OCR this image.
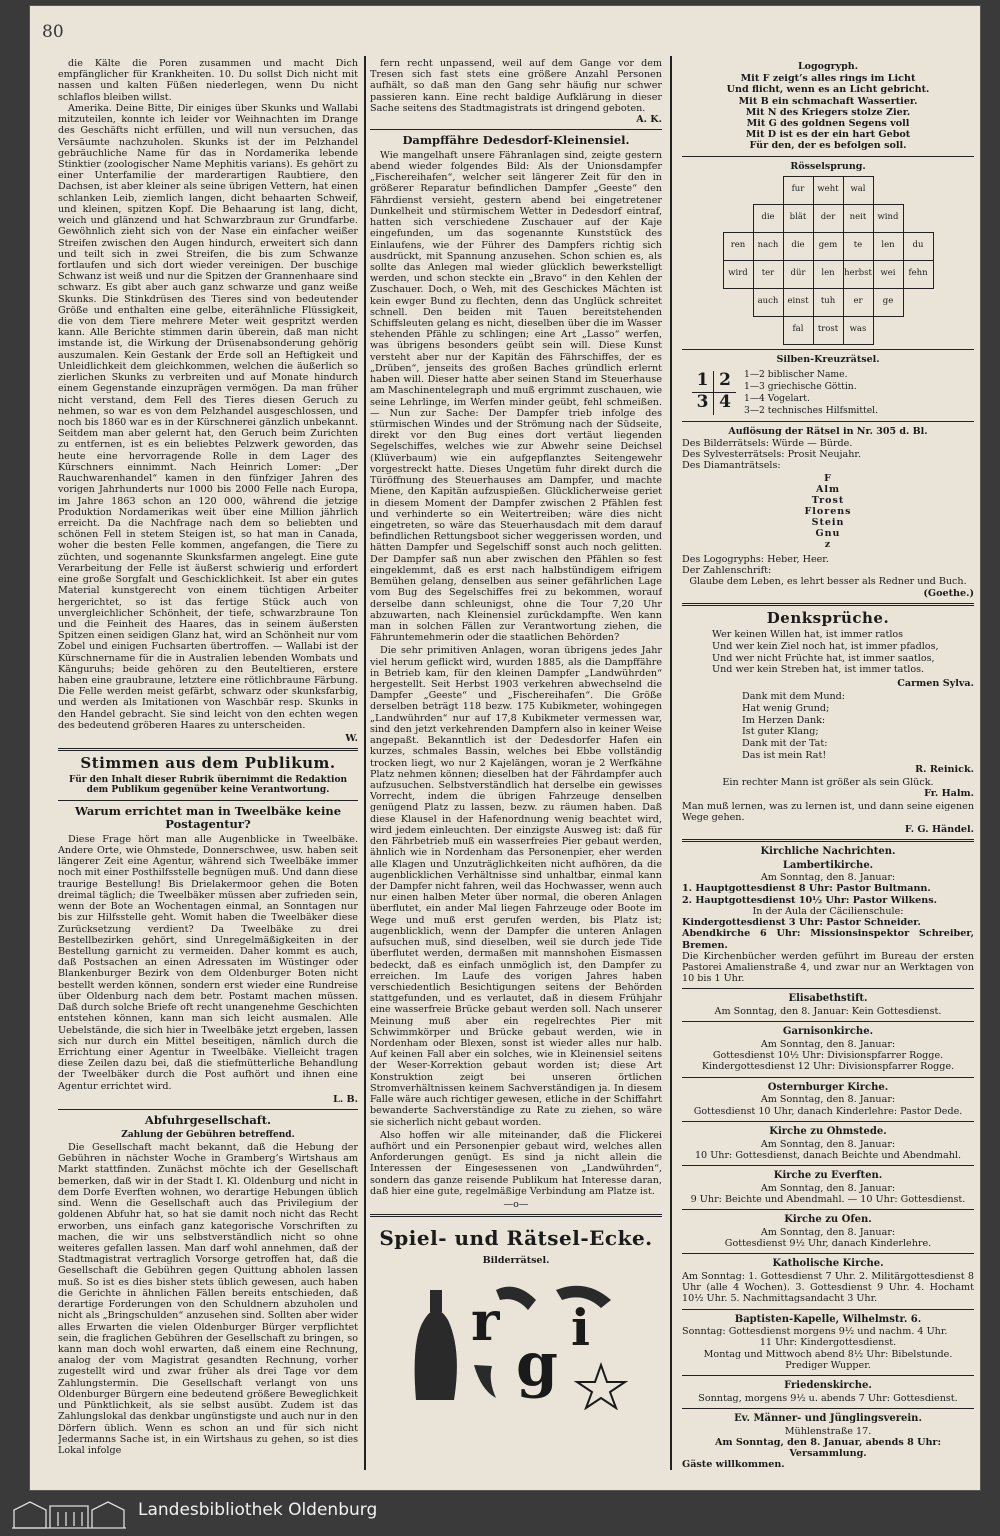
80

die Kälte die Poren zusammen und macht Dich empfänglicher für Krankheiten. 10. Du sollst Dich nicht mit nassen und kalten Füßen niederlegen, wenn Du nicht schlaflos bleiben willst.

Amerika. Deine Bitte, Dir einiges über Skunks und Wallabi mitzuteilen, konnte ich leider vor Weihnachten im Drange des Geschäfts nicht erfüllen, und will nun versuchen, das Versäumte nachzuholen. Skunks ist der im Pelzhandel gebräuchliche Name für das in Nordamerika lebende Stinktier (zoologischer Name Mephitis varians). Es gehört zu einer Unterfamilie der marderartigen Raubtiere, den Dachsen, ist aber kleiner als seine übrigen Vettern, hat einen schlanken Leib, ziemlich langen, dicht behaarten Schweif, und kleinen, spitzen Kopf. Die Behaarung ist lang, dicht, weich und glänzend und hat Schwarzbraun zur Grundfarbe. Gewöhnlich zieht sich von der Nase ein einfacher weißer Streifen zwischen den Augen hindurch, erweitert sich dann und teilt sich in zwei Streifen, die bis zum Schwanze fortlaufen und sich dort wieder vereinigen. Der buschige Schwanz ist weiß und nur die Spitzen der Grannenhaare sind schwarz. Es gibt aber auch ganz schwarze und ganz weiße Skunks. Die Stinkdrüsen des Tieres sind von bedeutender Größe und enthalten eine gelbe, eiterähnliche Flüssigkeit, die von dem Tiere mehrere Meter weit gespritzt werden kann. Alle Berichte stimmen darin überein, daß man nicht imstande ist, die Wirkung der Drüsenabsonderung gehörig auszumalen. Kein Gestank der Erde soll an Heftigkeit und Unleidlichkeit dem gleichkommen, welchen die äußerlich so zierlichen Skunks zu verbreiten und auf Monate hindurch einem Gegenstande einzuprägen vermögen. Da man früher nicht verstand, dem Fell des Tieres diesen Geruch zu nehmen, so war es von dem Pelzhandel ausgeschlossen, und noch bis 1860 war es in der Kürschnerei gänzlich unbekannt. Seitdem man aber gelernt hat, den Geruch beim Zurichten zu entfernen, ist es ein beliebtes Pelzwerk geworden, das heute eine hervorragende Rolle in dem Lager des Kürschners einnimmt. Nach Heinrich Lomer: „Der Rauchwarenhandel“ kamen in den fünfziger Jahren des vorigen Jahrhunderts nur 1000 bis 2000 Felle nach Europa, im Jahre 1863 schon an 120 000, während die jetzige Produktion Nordamerikas weit über eine Million jährlich erreicht. Da die Nachfrage nach dem so beliebten und schönen Fell in stetem Steigen ist, so hat man in Canada, woher die besten Felle kommen, angefangen, die Tiere zu züchten, und sogenannte Skunksfarmen angelegt. Eine gute Verarbeitung der Felle ist äußerst schwierig und erfordert eine große Sorgfalt und Geschicklichkeit. Ist aber ein gutes Material kunstgerecht von einem tüchtigen Arbeiter hergerichtet, so ist das fertige Stück auch von unvergleichlicher Schönheit, der tiefe, schwarzbraune Ton und die Feinheit des Haares, das in seinem äußersten Spitzen einen seidigen Glanz hat, wird an Schönheit nur vom Zobel und einigen Fuchsarten übertroffen. — Wallabi ist der Kürschnername für die in Australien lebenden Wombats und Känguruhs; beide gehören zu den Beuteltieren, erstere haben eine graubraune, letztere eine rötlichbraune Färbung. Die Felle werden meist gefärbt, schwarz oder skunksfarbig, und werden als Imitationen von Waschbär resp. Skunks in den Handel gebracht. Sie sind leicht von den echten wegen des bedeutend gröberen Haares zu unterscheiden.

W.

Stimmen aus dem Publikum.
Für den Inhalt dieser Rubrik übernimmt die Redaktion dem Publikum gegenüber keine Verantwortung.
Warum errichtet man in Tweelbäke keine Postagentur?

Diese Frage hört man alle Augenblicke in Tweelbäke. Andere Orte, wie Ohmstede, Donnerschwee, usw. haben seit längerer Zeit eine Agentur, während sich Tweelbäke immer noch mit einer Posthilfsstelle begnügen muß. Und dann diese traurige Bestellung! Bis Drielakermoor gehen die Boten dreimal täglich; die Tweelbäker müssen aber zufrieden sein, wenn der Bote an Wochentagen einmal, an Sonntagen nur bis zur Hilfsstelle geht. Womit haben die Tweelbäker diese Zurücksetzung verdient? Da Tweelbäke zu drei Bestellbezirken gehört, sind Unregelmäßigkeiten in der Bestellung garnicht zu vermeiden. Daher kommt es auch, daß Postsachen an einen Adressaten im Wüstinger oder Blankenburger Bezirk von dem Oldenburger Boten nicht bestellt werden können, sondern erst wieder eine Rundreise über Oldenburg nach dem betr. Postamt machen müssen. Daß durch solche Briefe oft recht unangenehme Geschichten entstehen können, kann man sich leicht ausmalen. Alle Uebelstände, die sich hier in Tweelbäke jetzt ergeben, lassen sich nur durch ein Mittel beseitigen, nämlich durch die Errichtung einer Agentur in Tweelbäke. Vielleicht tragen diese Zeilen dazu bei, daß die stiefmütterliche Behandlung der Tweelbäker durch die Post aufhört und ihnen eine Agentur errichtet wird.

L. B.

Abfuhrgesellschaft.
Zahlung der Gebühren betreffend.

Die Gesellschaft macht bekannt, daß die Hebung der Gebühren in nächster Woche in Gramberg’s Wirtshaus am Markt stattfinden. Zunächst möchte ich der Gesellschaft bemerken, daß wir in der Stadt I. Kl. Oldenburg und nicht in dem Dorfe Everften wohnen, wo derartige Hebungen üblich sind. Wenn die Gesellschaft auch das Privilegium der goldenen Abfuhr hat, so hat sie damit noch nicht das Recht erworben, uns einfach ganz kategorische Vorschriften zu machen, die wir uns selbstverständlich nicht so ohne weiteres gefallen lassen. Man darf wohl annehmen, daß der Stadtmagistrat vertraglich Vorsorge getroffen hat, daß die Gesellschaft die Gebühren gegen Quittung abholen lassen muß. So ist es dies bisher stets üblich gewesen, auch haben die Gerichte in ähnlichen Fällen bereits entschieden, daß derartige Forderungen von den Schuldnern abzuholen und nicht als „Bringschulden“ anzusehen sind. Sollten aber wider alles Erwarten die vielen Oldenburger Bürger verpflichtet sein, die fraglichen Gebühren der Gesellschaft zu bringen, so kann man doch wohl erwarten, daß einem eine Rechnung, analog der vom Magistrat gesandten Rechnung, vorher zugestellt wird und zwar früher als drei Tage vor dem Zahlungstermin. Die Gesellschaft verlangt von uns Oldenburger Bürgern eine bedeutend größere Beweglichkeit und Pünktlichkeit, als sie selbst ausübt. Zudem ist das Zahlungslokal das denkbar ungünstigste und auch nur in den Dörfern üblich. Wenn es schon an und für sich nicht Jedermanns Sache ist, in ein Wirtshaus zu gehen, so ist dies Lokal infolge

fern recht unpassend, weil auf dem Gange vor dem Tresen sich fast stets eine größere Anzahl Personen aufhält, so daß man den Gang sehr häufig nur schwer passieren kann. Eine recht baldige Aufklärung in dieser Sache seitens des Stadtmagistrats ist dringend geboten.

A. K.

Dampffähre Dedesdorf-Kleinensiel.

Wie mangelhaft unsere Fähranlagen sind, zeigte gestern abend wieder folgendes Bild: Als der Unionsdampfer „Fischereihafen“, welcher seit längerer Zeit für den in größerer Reparatur befindlichen Dampfer „Geeste“ den Fährdienst versieht, gestern abend bei eingetretener Dunkelheit und stürmischem Wetter in Dedesdorf eintraf, hatten sich verschiedene Zuschauer auf der Kaje eingefunden, um das sogenannte Kunststück des Einlaufens, wie der Führer des Dampfers richtig sich ausdrückt, mit Spannung anzusehen. Schon schien es, als sollte das Anlegen mal wieder glücklich bewerkstelligt werden, und schon steckte ein „Bravo“ in den Kehlen der Zuschauer. Doch, o Weh, mit des Geschickes Mächten ist kein ewger Bund zu flechten, denn das Unglück schreitet schnell. Den beiden mit Tauen bereitstehenden Schiffsleuten gelang es nicht, dieselben über die im Wasser stehenden Pfähle zu schlingen; eine Art „Lasso“ werfen, was übrigens besonders geübt sein will. Diese Kunst versteht aber nur der Kapitän des Fährschiffes, der es „Drüben“, jenseits des großen Baches gründlich erlernt haben will. Dieser hatte aber seinen Stand im Steuerhause am Maschinentelegraph und muß ergrimmt zuschauen, wie seine Lehrlinge, im Werfen minder geübt, fehl schmeißen. — Nun zur Sache: Der Dampfer trieb infolge des stürmischen Windes und der Strömung nach der Südseite, direkt vor den Bug eines dort vertäut liegenden Segelschiffes, welches wie zur Abwehr seine Deichsel (Klüverbaum) wie ein aufgepflanztes Seitengewehr vorgestreckt hatte. Dieses Ungetüm fuhr direkt durch die Türöffnung des Steuerhauses am Dampfer, und machte Miene, den Kapitän aufzuspießen. Glücklicherweise geriet in diesem Moment der Dampfer zwischen 2 Pfählen fest und verhinderte so ein Weitertreiben; wäre dies nicht eingetreten, so wäre das Steuerhausdach mit dem darauf befindlichen Rettungsboot sicher weggerissen worden, und hätten Dampfer und Segelschiff sonst auch noch gelitten. Der Dampfer saß nun aber zwischen den Pfählen so fest eingeklemmt, daß es erst nach halbstündigem eifrigem Bemühen gelang, denselben aus seiner gefährlichen Lage vom Bug des Segelschiffes frei zu bekommen, worauf derselbe dann schleunigst, ohne die Tour 7,20 Uhr abzuwarten, nach Kleinensiel zurückdampfte. Wen kann man in solchen Fällen zur Verantwortung ziehen, die Fähruntemehmerin oder die staatlichen Behörden?

Die sehr primitiven Anlagen, woran übrigens jedes Jahr viel herum geflickt wird, wurden 1885, als die Dampffähre in Betrieb kam, für den kleinen Dampfer „Landwührden“ hergestellt. Seit Herbst 1903 verkehren abwechselnd die Dampfer „Geeste“ und „Fischereihafen“. Die Größe derselben beträgt 118 bezw. 175 Kubikmeter, wohingegen „Landwührden“ nur auf 17,8 Kubikmeter vermessen war, sind den jetzt verkehrenden Dampfern also in keiner Weise angepaßt. Bekanntlich ist der Dedesdorfer Hafen ein kurzes, schmales Bassin, welches bei Ebbe vollständig trocken liegt, wo nur 2 Kajelängen, woran je 2 Werfkähne Platz nehmen können; dieselben hat der Fährdampfer auch aufzusuchen. Selbstverständlich hat derselbe ein gewisses Vorrecht, indem die übrigen Fahrzeuge denselben genügend Platz zu lassen, bezw. zu räumen haben. Daß diese Klausel in der Hafenordnung wenig beachtet wird, wird jedem einleuchten. Der einzigste Ausweg ist: daß für den Fährbetrieb muß ein wasserfreies Pier gebaut werden, ähnlich wie in Nordenham das Personenpier, eher werden alle Klagen und Unzuträglichkeiten nicht aufhören, da die augenblicklichen Verhältnisse sind unhaltbar, einmal kann der Dampfer nicht fahren, weil das Hochwasser, wenn auch nur einen halben Meter über normal, die oberen Anlagen überflutet, ein ander Mal liegen Fahrzeuge oder Boote im Wege und muß erst gerufen werden, bis Platz ist; augenblicklich, wenn der Dampfer die unteren Anlagen aufsuchen muß, sind dieselben, weil sie durch jede Tide überflutet werden, dermaßen mit mannshohen Eismassen bedeckt, daß es einfach unmöglich ist, den Dampfer zu erreichen. Im Laufe des vorigen Jahres haben verschiedentlich Besichtigungen seitens der Behörden stattgefunden, und es verlautet, daß in diesem Frühjahr eine wasserfreie Brücke gebaut werden soll. Nach unserer Meinung muß aber ein regelrechtes Pier mit Schwimmkörper und Brücke gebaut werden, wie in Nordenham oder Blexen, sonst ist wieder alles nur halb. Auf keinen Fall aber ein solches, wie in Kleinensiel seitens der Weser-Korrektion gebaut worden ist; diese Art Konstruktion zeigt bei unseren örtlichen Stromverhältnissen keinem Sachverständigen ja. In diesem Falle wäre auch richtiger gewesen, etliche in der Schiffahrt bewanderte Sachverständige zu Rate zu ziehen, so wäre sie sicherlich nicht gebaut worden.

Also hoffen wir alle miteinander, daß die Flickerei aufhört und ein Personenpier gebaut wird, welches allen Anforderungen genügt. Es sind ja nicht allein die Interessen der Eingesessenen von „Landwührden“, sondern das ganze reisende Publikum hat Interesse daran, daß hier eine gute, regelmäßige Verbindung am Platze ist.

—o—
Spiel- und Rätsel-Ecke.
Bilderrätsel.
r
g
i
Logogryph.
Mit F zeigt’s alles rings im Licht
Und flicht, wenn es an Licht gebricht.
Mit B ein schmachaft Wassertier.
Mit N des Kriegers stolze Zier.
Mit G des goldnen Segens voll
Mit D ist es der ein hart Gebot
Für den, der es befolgen soll.
Rösselsprung.
		fur	weht	wal		
	die	blät	der	neit	wind	
ren	nach	die	gem	te	len	du
wird	ter	dür	len	herbst	wei	fehn
	auch	einst	tuh	er	ge	
		fal	trost	was		
Silben-Kreuzrätsel.
1 2
3 4
1—2 biblischer Name.
1—3 griechische Göttin.
1—4 Vogelart.
3—2 technisches Hilfsmittel.
Auflösung der Rätsel in Nr. 305 d. Bl.
Des Bilderrätsels: Würde — Bürde.
Des Sylvesterrätsels: Prosit Neujahr.
Des Diamanträtsels:
F
Alm
Trost
Florens
Stein
Gnu
z
Des Logogryphs: Heber, Heer.
Der Zahlenschrift:
Glaube dem Leben, es lehrt besser als Redner und Buch.
(Goethe.)
Denksprüche.
Wer keinen Willen hat, ist immer ratlos
Und wer kein Ziel noch hat, ist immer pfadlos,
Und wer nicht Früchte hat, ist immer saatlos,
Und wer kein Streben hat, ist immer tatlos.
Carmen Sylva.
Dank mit dem Mund:
Hat wenig Grund;
Im Herzen Dank:
Ist guter Klang;
Dank mit der Tat:
Das ist mein Rat!
R. Reinick.
Ein rechter Mann ist größer als sein Glück.
Fr. Halm.
Man muß lernen, was zu lernen ist, und dann seine eigenen Wege gehen.
F. G. Händel.
Kirchliche Nachrichten.
Lambertikirche.
Am Sonntag, den 8. Januar:
1. Hauptgottesdienst 8 Uhr: Pastor Bultmann.
2. Hauptgottesdienst 10½ Uhr: Pastor Wilkens.
In der Aula der Cäcilienschule:
Kindergottesdienst 3 Uhr: Pastor Schneider.
Abendkirche 6 Uhr: Missionsinspektor Schreiber, Bremen.
Die Kirchenbücher werden geführt im Bureau der ersten Pastorei Amalienstraße 4, und zwar nur an Werktagen von 10 bis 1 Uhr.
Elisabethstift.
Am Sonntag, den 8. Januar: Kein Gottesdienst.
Garnisonkirche.
Am Sonntag, den 8. Januar:
Gottesdienst 10½ Uhr: Divisionspfarrer Rogge.
Kindergottesdienst 12 Uhr: Divisionspfarrer Rogge.
Osternburger Kirche.
Am Sonntag, den 8. Januar:
Gottesdienst 10 Uhr, danach Kinderlehre: Pastor Dede.
Kirche zu Ohmstede.
Am Sonntag, den 8. Januar:
10 Uhr: Gottesdienst, danach Beichte und Abendmahl.
Kirche zu Everften.
Am Sonntag, den 8. Januar:
9 Uhr: Beichte und Abendmahl. — 10 Uhr: Gottesdienst.
Kirche zu Ofen.
Am Sonntag, den 8. Januar:
Gottesdienst 9½ Uhr, danach Kinderlehre.
Katholische Kirche.
Am Sonntag: 1. Gottesdienst 7 Uhr. 2. Militärgottesdienst 8 Uhr (alle 4 Wochen). 3. Gottesdienst 9 Uhr. 4. Hochamt 10½ Uhr. 5. Nachmittagsandacht 3 Uhr.
Baptisten-Kapelle, Wilhelmstr. 6.
Sonntag: Gottesdienst morgens 9½ und nachm. 4 Uhr.
11 Uhr: Kindergottesdienst.
Montag und Mittwoch abend 8½ Uhr: Bibelstunde.
Prediger Wupper.
Friedenskirche.
Sonntag, morgens 9½ u. abends 7 Uhr: Gottesdienst.
Ev. Männer- und Jünglingsverein.
Mühlenstraße 17.
Am Sonntag, den 8. Januar, abends 8 Uhr: Versammlung.
Gäste willkommen.
Landesbibliothek Oldenburg
